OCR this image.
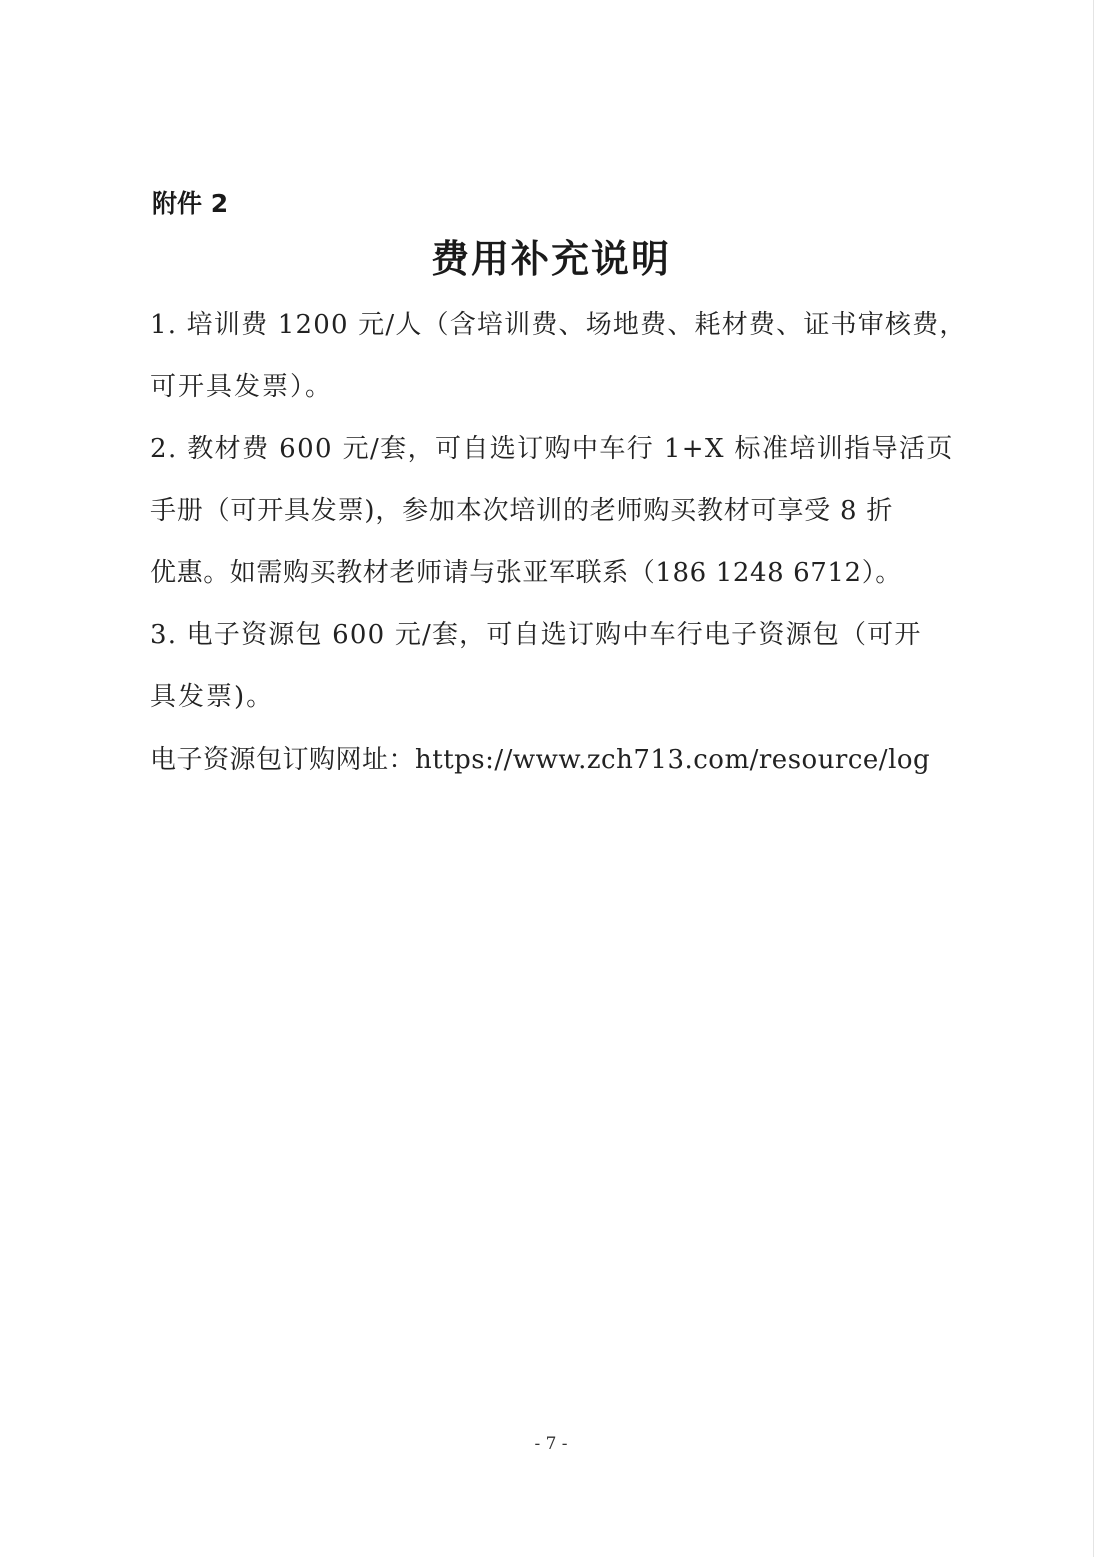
附件 2
费用补充说明
1. 培训费 1200 元/人（含培训费、场地费、耗材费、证书审核费，
可开具发票）。
2. 教材费 600 元/套，可自选订购中车行 1+X 标准培训指导活页
手册（可开具发票)，参加本次培训的老师购买教材可享受 8 折
优惠。如需购买教材老师请与张亚军联系（186 1248 6712）。
3. 电子资源包 600 元/套，可自选订购中车行电子资源包（可开
具发票)。
电子资源包订购网址：https://www.zch713.com/resource/log
- 7 -
